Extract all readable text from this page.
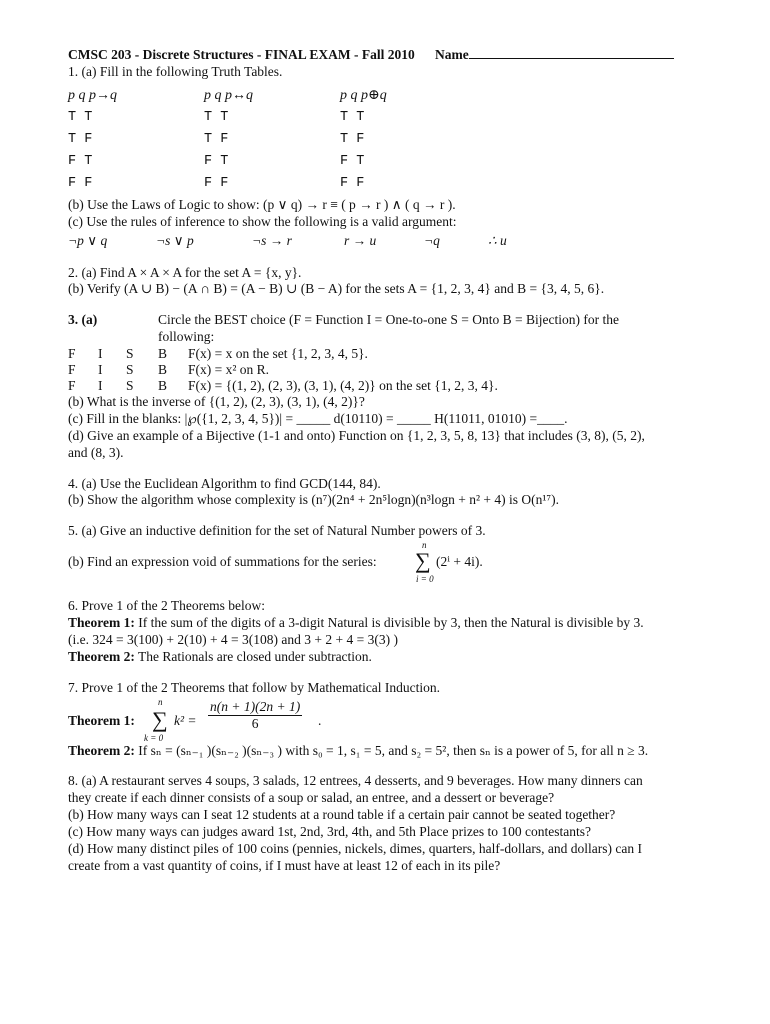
CMSC 203 - Discrete Structures - FINAL EXAM - Fall 2010 Name
1. (a) Fill in the following Truth Tables.
p q p→q
T T
T F
F T
F F
p q p↔q
T T
T F
F T
F F
p q p⊕q
T T
T F
F T
F F
(b) Use the Laws of Logic to show: (p ∨ q) → r ≡ ( p → r ) ∧ ( q → r ).
(c) Use the rules of inference to show the following is a valid argument:
¬p ∨ q	¬s ∨ p	¬s → r	r → u	¬q	∴ u
2. (a) Find A × A × A for the set A = {x, y}.
(b) Verify (A ∪ B) − (A ∩ B) = (A − B) ∪ (B − A) for the sets A = {1, 2, 3, 4} and B = {3, 4, 5, 6}.
3. (a)	Circle the BEST choice (F = Function I = One-to-one S = Onto B = Bijection) for the
following:
F I S B F(x) = x on the set {1, 2, 3, 4, 5}.
F I S B F(x) = x² on R.
F I S B F(x) = {(1, 2), (2, 3), (3, 1), (4, 2)} on the set {1, 2, 3, 4}.
(b) What is the inverse of {(1, 2), (2, 3), (3, 1), (4, 2)}?
(c) Fill in the blanks: |℘({1, 2, 3, 4, 5})| = _____ d(10110) = _____ H(11011, 01010) =____.
(d) Give an example of a Bijective (1-1 and onto) Function on {1, 2, 3, 5, 8, 13} that includes (3, 8), (5, 2),
and (8, 3).
4. (a) Use the Euclidean Algorithm to find GCD(144, 84).
(b) Show the algorithm whose complexity is (n⁷)(2n⁴ + 2n⁵logn)(n³logn + n² + 4) is O(n¹⁷).
5. (a) Give an inductive definition for the set of Natural Number powers of 3.
n
(b) Find an expression void of summations for the series: ∑ (2ⁱ + 4i).
i = 0
6. Prove 1 of the 2 Theorems below:
Theorem 1: If the sum of the digits of a 3-digit Natural is divisible by 3, then the Natural is divisible by 3.
(i.e. 324 = 3(100) + 2(10) + 4 = 3(108) and 3 + 2 + 4 = 3(3) )
Theorem 2: The Rationals are closed under subtraction.
7. Prove 1 of the 2 Theorems that follow by Mathematical Induction.
n
Theorem 1: ∑ $k^2 = \frac{n(n + 1)(2n + 1)}{6}$ .
k = 0
Theorem 2: If sₙ = (sₙ₋₁ )(sₙ₋₂ )(sₙ₋₃ ) with s₀ = 1, s₁ = 5, and s₂ = 5², then sₙ is a power of 5, for all n ≥ 3.
8. (a) A restaurant serves 4 soups, 3 salads, 12 entrees, 4 desserts, and 9 beverages. How many dinners can
they create if each dinner consists of a soup or salad, an entree, and a dessert or beverage?
(b) How many ways can I seat 12 students at a round table if a certain pair cannot be seated together?
(c) How many ways can judges award 1st, 2nd, 3rd, 4th, and 5th Place prizes to 100 contestants?
(d) How many distinct piles of 100 coins (pennies, nickels, dimes, quarters, half-dollars, and dollars) can I
create from a vast quantity of coins, if I must have at least 12 of each in its pile?
